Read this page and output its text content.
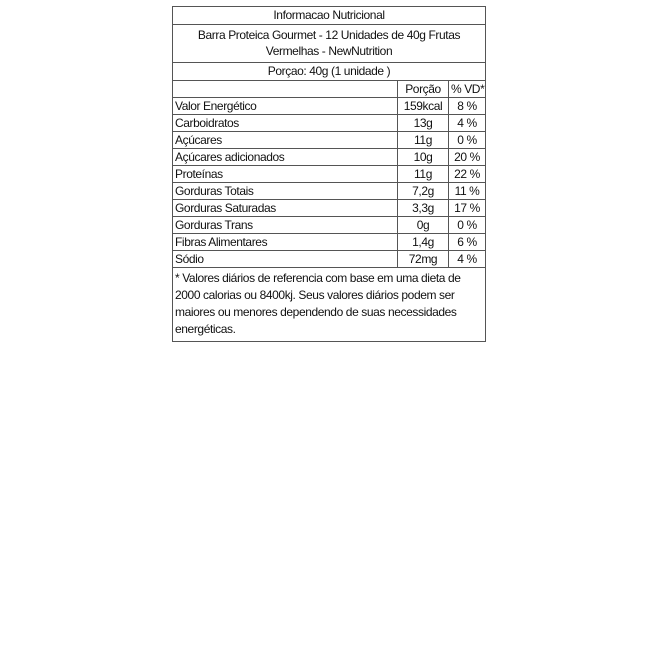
Informacao Nutricional
Barra Proteica Gourmet - 12 Unidades de 40g Frutas Vermelhas - NewNutrition
Porçao: 40g (1 unidade )
	Porção	% VD*
Valor Energético	159kcal	8 %
Carboidratos	13g	4 %
Açúcares	11g	0 %
Açúcares adicionados	10g	20 %
Proteínas	11g	22 %
Gorduras Totais	7,2g	11 %
Gorduras Saturadas	3,3g	17 %
Gorduras Trans	0g	0 %
Fibras Alimentares	1,4g	6 %
Sódio	72mg	4 %
* Valores diários de referencia com base em uma dieta de 2000 calorias ou 8400kj. Seus valores diários podem ser maiores ou menores dependendo de suas necessidades energéticas.
